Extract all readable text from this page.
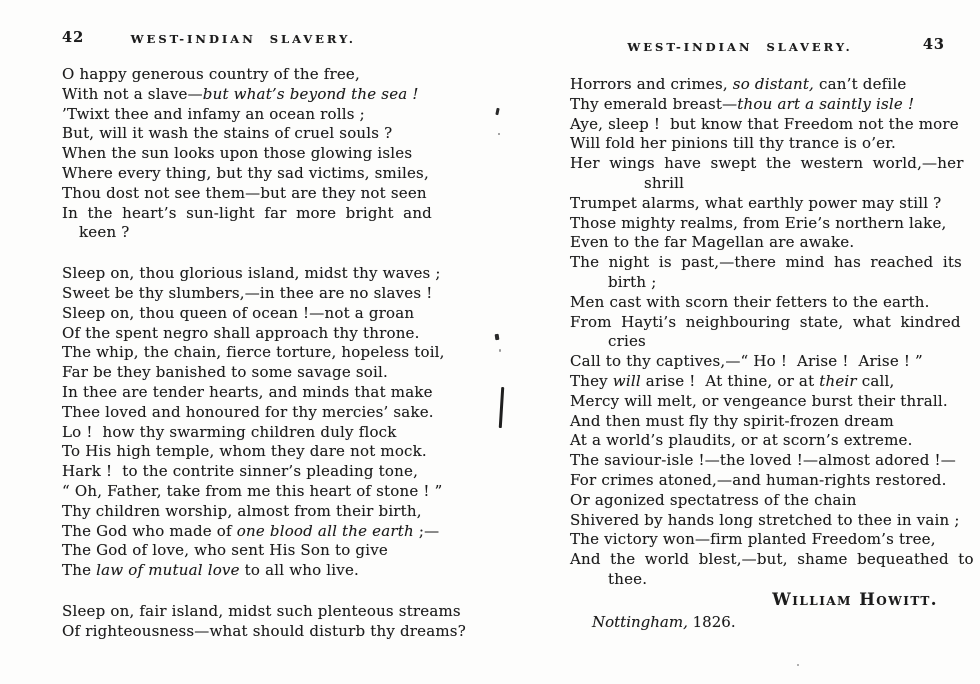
42	WEST-INDIAN SLAVERY.
O happy generous country of the free,
With not a slave—but what’s beyond the sea !
’Twixt thee and infamy an ocean rolls ;
But, will it wash the stains of cruel souls ?
When the sun looks upon those glowing isles
Where every thing, but thy sad victims, smiles,
Thou dost not see them—but are they not seen
In the heart’s sun-light far more bright and
keen ?
Sleep on, thou glorious island, midst thy waves ;
Sweet be thy slumbers,—in thee are no slaves !
Sleep on, thou queen of ocean !—not a groan
Of the spent negro shall approach thy throne.
The whip, the chain, fierce torture, hopeless toil,
Far be they banished to some savage soil.
In thee are tender hearts, and minds that make
Thee loved and honoured for thy mercies’ sake.
Lo !  how thy swarming children duly flock
To His high temple, whom they dare not mock.
Hark !  to the contrite sinner’s pleading tone,
“ Oh, Father, take from me this heart of stone ! ”
Thy children worship, almost from their birth,
The God who made of one blood all the earth ;—
The God of love, who sent His Son to give
The law of mutual love to all who live.
Sleep on, fair island, midst such plenteous streams
Of righteousness—what should disturb thy dreams?
WEST-INDIAN SLAVERY.	43
Horrors and crimes, so distant, can’t defile
Thy emerald breast—thou art a saintly isle !
Aye, sleep !  but know that Freedom not the more
Will fold her pinions till thy trance is o’er.
Her wings have swept the western world,—her
shrill
Trumpet alarms, what earthly power may still ?
Those mighty realms, from Erie’s northern lake,
Even to the far Magellan are awake.
The night is past,—there mind has reached its
birth ;
Men cast with scorn their fetters to the earth.
From Hayti’s neighbouring state, what kindred
cries
Call to thy captives,—“ Ho !  Arise !  Arise ! ”
They will arise !  At thine, or at their call,
Mercy will melt, or vengeance burst their thrall.
And then must fly thy spirit-frozen dream
At a world’s plaudits, or at scorn’s extreme.
The saviour-isle !—the loved !—almost adored !—
For crimes atoned,—and human-rights restored.
Or agonized spectatress of the chain
Shivered by hands long stretched to thee in vain ;
The victory won—firm planted Freedom’s tree,
And the world blest,—but, shame bequeathed to
thee.
William Howitt.
Nottingham, 1826.
